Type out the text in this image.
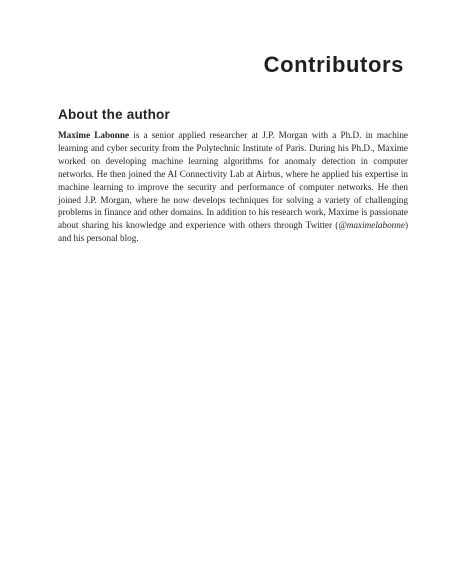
Contributors
About the author

Maxime Labonne is a senior applied researcher at J.P. Morgan with a Ph.D. in machine learning and cyber security from the Polytechnic Institute of Paris. During his Ph.D., Maxime worked on developing machine learning algorithms for anomaly detection in computer networks. He then joined the AI Connectivity Lab at Airbus, where he applied his expertise in machine learning to improve the security and performance of computer networks. He then joined J.P. Morgan, where he now develops techniques for solving a variety of challenging problems in finance and other domains. In addition to his research work, Maxime is passionate about sharing his knowledge and experience with others through Twitter (@maximelabonne) and his personal blog.
